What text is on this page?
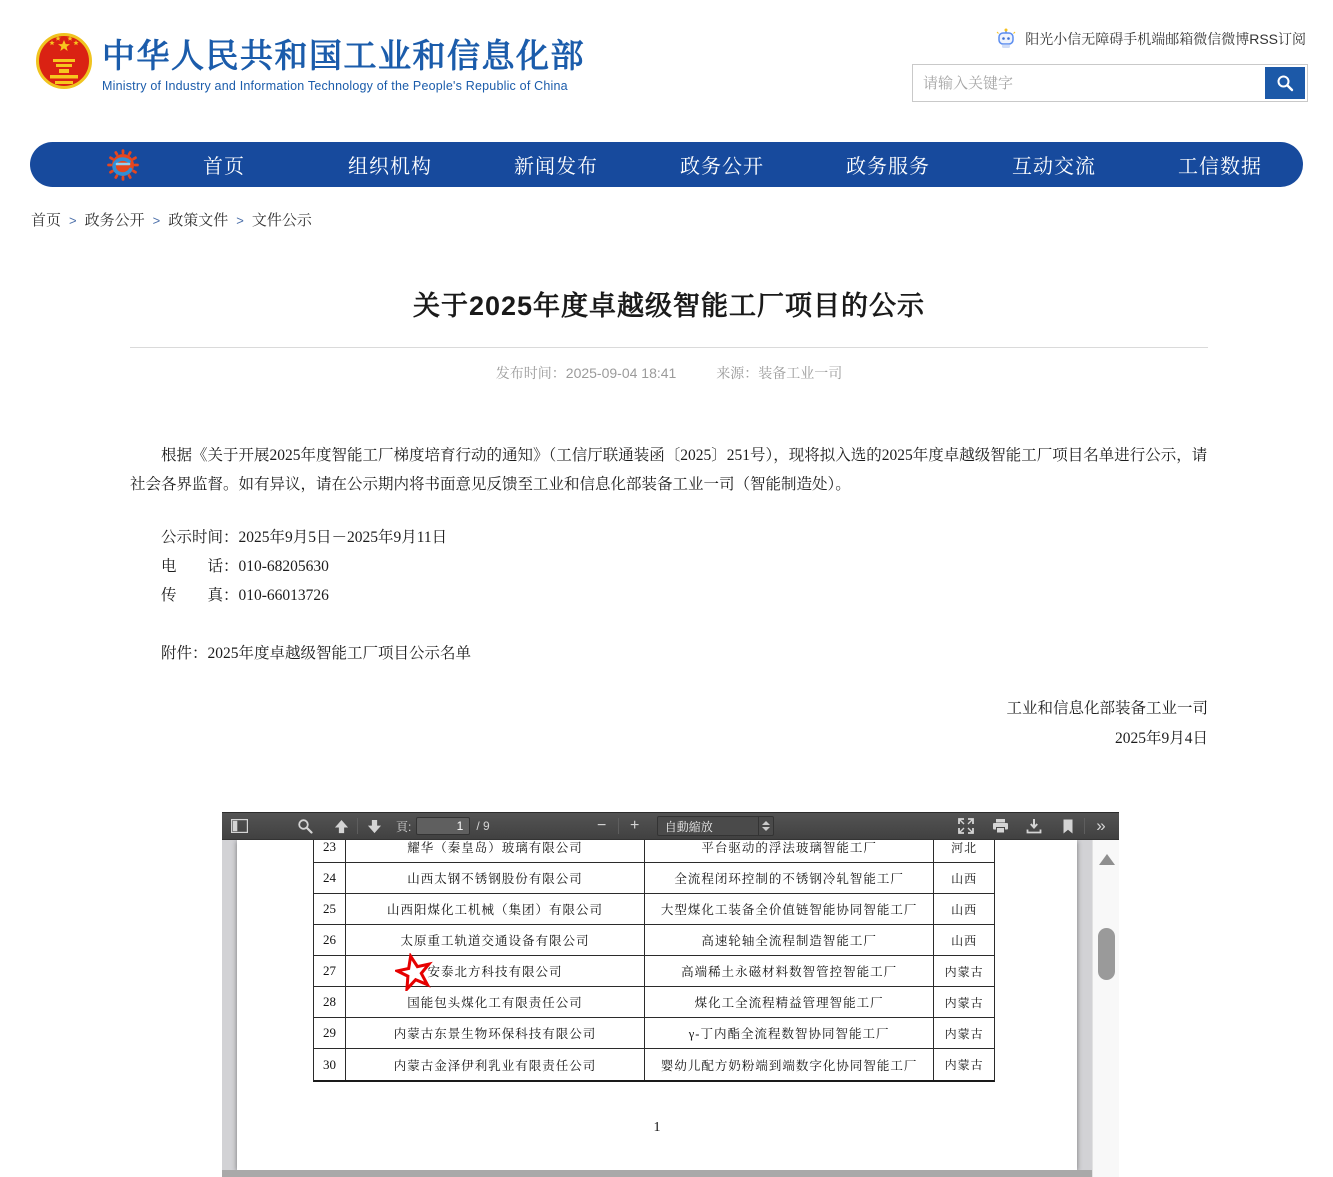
中华人民共和国工业和信息化部
Ministry of Industry and Information Technology of the People's Republic of China
阳光小信无障碍手机端邮箱微信微博RSS订阅
请输入关键字
首页	组织机构	新闻发布	政务公开	政务服务	互动交流	工信数据
首页	> 政务公开	> 政策文件	> 文件公示
关于2025年度卓越级智能工厂项目的公示
发布时间：2025-09-04 18:41	来源：装备工业一司

根据《关于开展2025年度智能工厂梯度培育行动的通知》（工信厅联通装函〔2025〕251号），现将拟入选的2025年度卓越级智能工厂项目名单进行公示，请社会各界监督。如有异议，请在公示期内将书面意见反馈至工业和信息化部装备工业一司（智能制造处）。

公示时间：2025年9月5日－2025年9月11日
电　　话：010-68205630
传　　真：010-66013726
附件：2025年度卓越级智能工厂项目公示名单
工业和信息化部装备工业一司
2025年9月4日
頁:
1	/ 9	−	+	自動縮放	»
23	耀华（秦皇岛）玻璃有限公司	平台驱动的浮法玻璃智能工厂	河北
24	山西太钢不锈钢股份有限公司	全流程闭环控制的不锈钢冷轧智能工厂	山西
25	山西阳煤化工机械（集团）有限公司	大型煤化工装备全价值链智能协同智能工厂	山西
26	太原重工轨道交通设备有限公司	高速轮轴全流程制造智能工厂	山西
27	安泰北方科技有限公司	高端稀土永磁材料数智管控智能工厂	内蒙古
28	国能包头煤化工有限责任公司	煤化工全流程精益管理智能工厂	内蒙古
29	内蒙古东景生物环保科技有限公司	γ-丁内酯全流程数智协同智能工厂	内蒙古
30	内蒙古金泽伊利乳业有限责任公司	婴幼儿配方奶粉端到端数字化协同智能工厂	内蒙古
1
